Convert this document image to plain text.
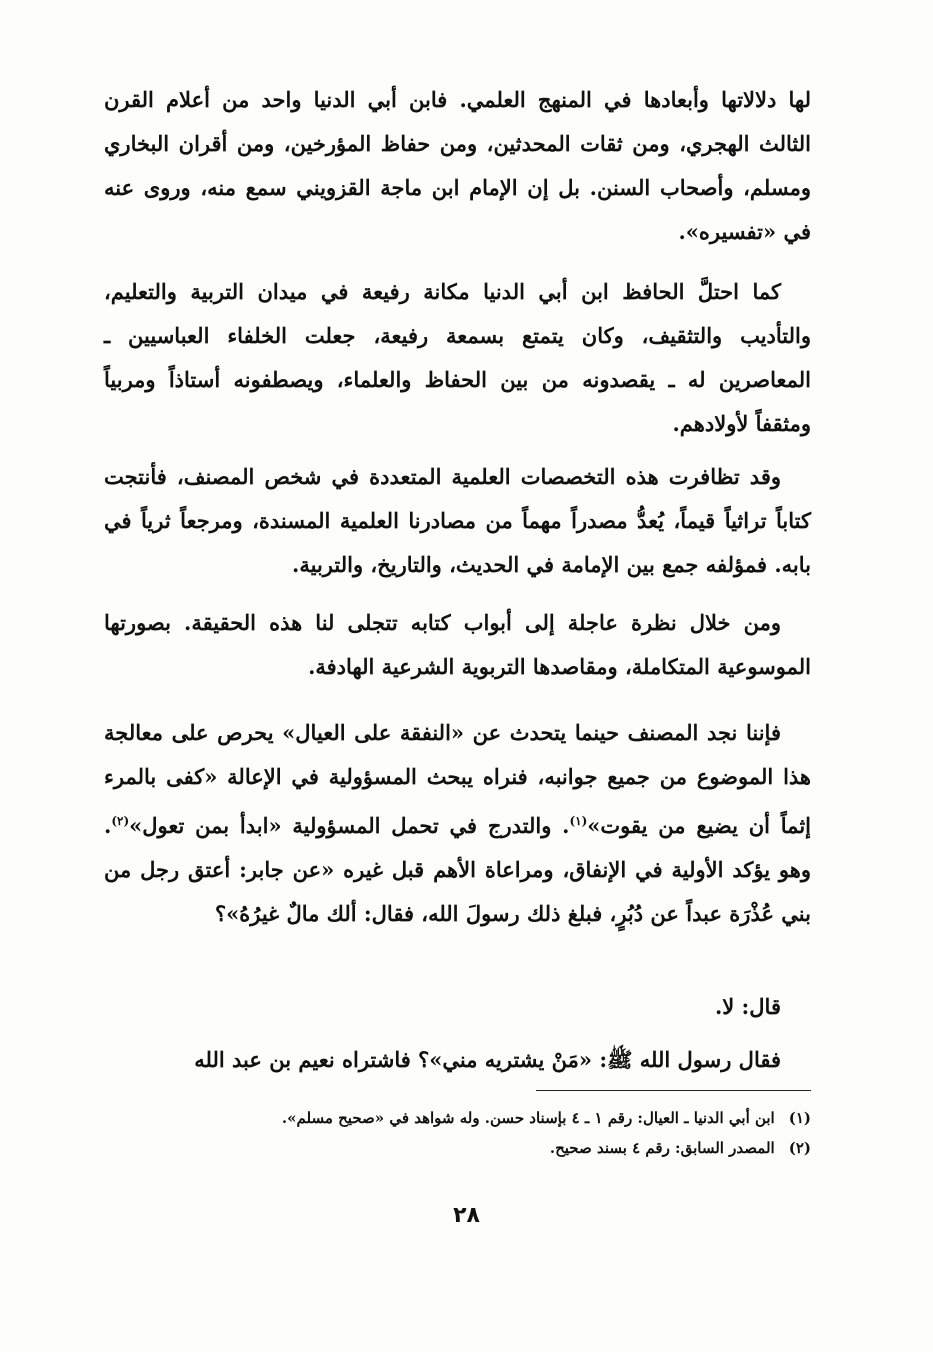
لها دلالاتها وأبعادها في المنهج العلمي. فابن أبي الدنيا واحد من أعلام القرن الثالث الهجري، ومن ثقات المحدثين، ومن حفاظ المؤرخين، ومن أقران البخاري ومسلم، وأصحاب السنن. بل إن الإمام ابن ماجة القزويني سمع منه، وروى عنه في «تفسيره».
كما احتلَّ الحافظ ابن أبي الدنيا مكانة رفيعة في ميدان التربية والتعليم، والتأديب والتثقيف، وكان يتمتع بسمعة رفيعة، جعلت الخلفاء العباسيين ـ المعاصرين له ـ يقصدونه من بين الحفاظ والعلماء، ويصطفونه أستاذاً ومربياً ومثقفاً لأولادهم.
وقد تظافرت هذه التخصصات العلمية المتعددة في شخص المصنف، فأنتجت كتاباً تراثياً قيماً، يُعدُّ مصدراً مهماً من مصادرنا العلمية المسندة، ومرجعاً ثرياً في بابه. فمؤلفه جمع بين الإمامة في الحديث، والتاريخ، والتربية.
ومن خلال نظرة عاجلة إلى أبواب كتابه تتجلى لنا هذه الحقيقة. بصورتها الموسوعية المتكاملة، ومقاصدها التربوية الشرعية الهادفة.
فإننا نجد المصنف حينما يتحدث عن «النفقة على العيال» يحرص على معالجة هذا الموضوع من جميع جوانبه، فنراه يبحث المسؤولية في الإعالة «كفى بالمرء إثماً أن يضيع من يقوت»$^{(١)}$. والتدرج في تحمل المسؤولية «ابدأ بمن تعول»$^{(٢)}$. وهو يؤكد الأولية في الإنفاق، ومراعاة الأهم قبل غيره «عن جابر: أعتق رجل من بني عُذْرَة عبداً عن دُبُرٍ، فبلغ ذلك رسولَ الله، فقال: ألك مالٌ غيرُهُ»؟
قال: لا.
فقال رسول الله ﷺ: «مَنْ يشتريه مني»؟ فاشتراه نعيم بن عبد الله
(١)ابن أبي الدنيا ـ العيال: رقم ١ ـ ٤ بإسناد حسن. وله شواهد في «صحيح مسلم».
(٢)المصدر السابق: رقم ٤ بسند صحيح.
٢٨
